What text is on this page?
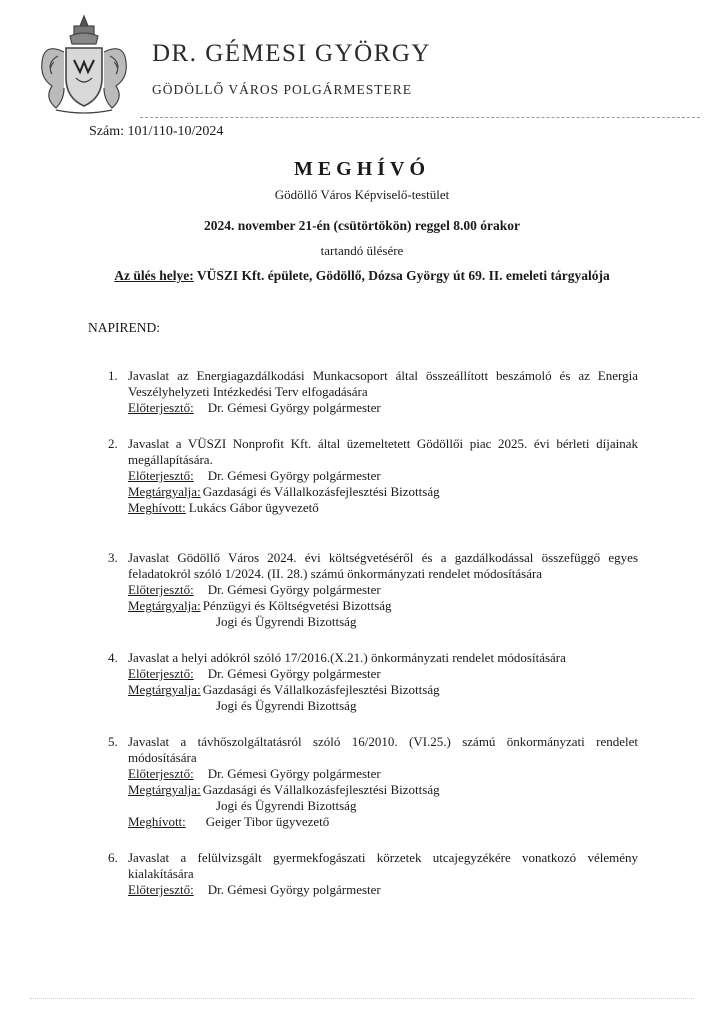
DR. GÉMESI GYÖRGY
GÖDÖLLŐ VÁROS POLGÁRMESTERE
Szám: 101/110-10/2024
MEGHÍVÓ
Gödöllő Város Képviselő-testület
2024. november 21-én (csütörtökön) reggel 8.00 órakor
tartandó ülésére
Az ülés helye: VÜSZI Kft. épülete, Gödöllő, Dózsa György út 69. II. emeleti tárgyalója
NAPIREND:
1. Javaslat az Energiagazdálkodási Munkacsoport által összeállított beszámoló és az Energia Veszélyhelyzeti Intézkedési Terv elfogadására
Előterjesztő:	Dr. Gémesi György polgármester
2. Javaslat a VÜSZI Nonprofit Kft. által üzemeltetett Gödöllői piac 2025. évi bérleti díjainak megállapítására.
Előterjesztő:	Dr. Gémesi György polgármester
Megtárgyalja: Gazdasági és Vállalkozásfejlesztési Bizottság
Meghívott: Lukács Gábor ügyvezető
3. Javaslat Gödöllő Város 2024. évi költségvetéséről és a gazdálkodással összefüggő egyes feladatokról szóló 1/2024. (II. 28.) számú önkormányzati rendelet módosítására
Előterjesztő:	Dr. Gémesi György polgármester
Megtárgyalja: Pénzügyi és Költségvetési Bizottság
Jogi és Ügyrendi Bizottság
4. Javaslat a helyi adókról szóló 17/2016.(X.21.) önkormányzati rendelet módosítására
Előterjesztő:	Dr. Gémesi György polgármester
Megtárgyalja: Gazdasági és Vállalkozásfejlesztési Bizottság
Jogi és Ügyrendi Bizottság
5. Javaslat a távhőszolgáltatásról szóló 16/2010. (VI.25.) számú önkormányzati rendelet módosítására
Előterjesztő:	Dr. Gémesi György polgármester
Megtárgyalja: Gazdasági és Vállalkozásfejlesztési Bizottság
Jogi és Ügyrendi Bizottság
Meghívott:	Geiger Tibor ügyvezető
6. Javaslat a felülvizsgált gyermekfogászati körzetek utcajegyzékére vonatkozó vélemény kialakítására
Előterjesztő:	Dr. Gémesi György polgármester
